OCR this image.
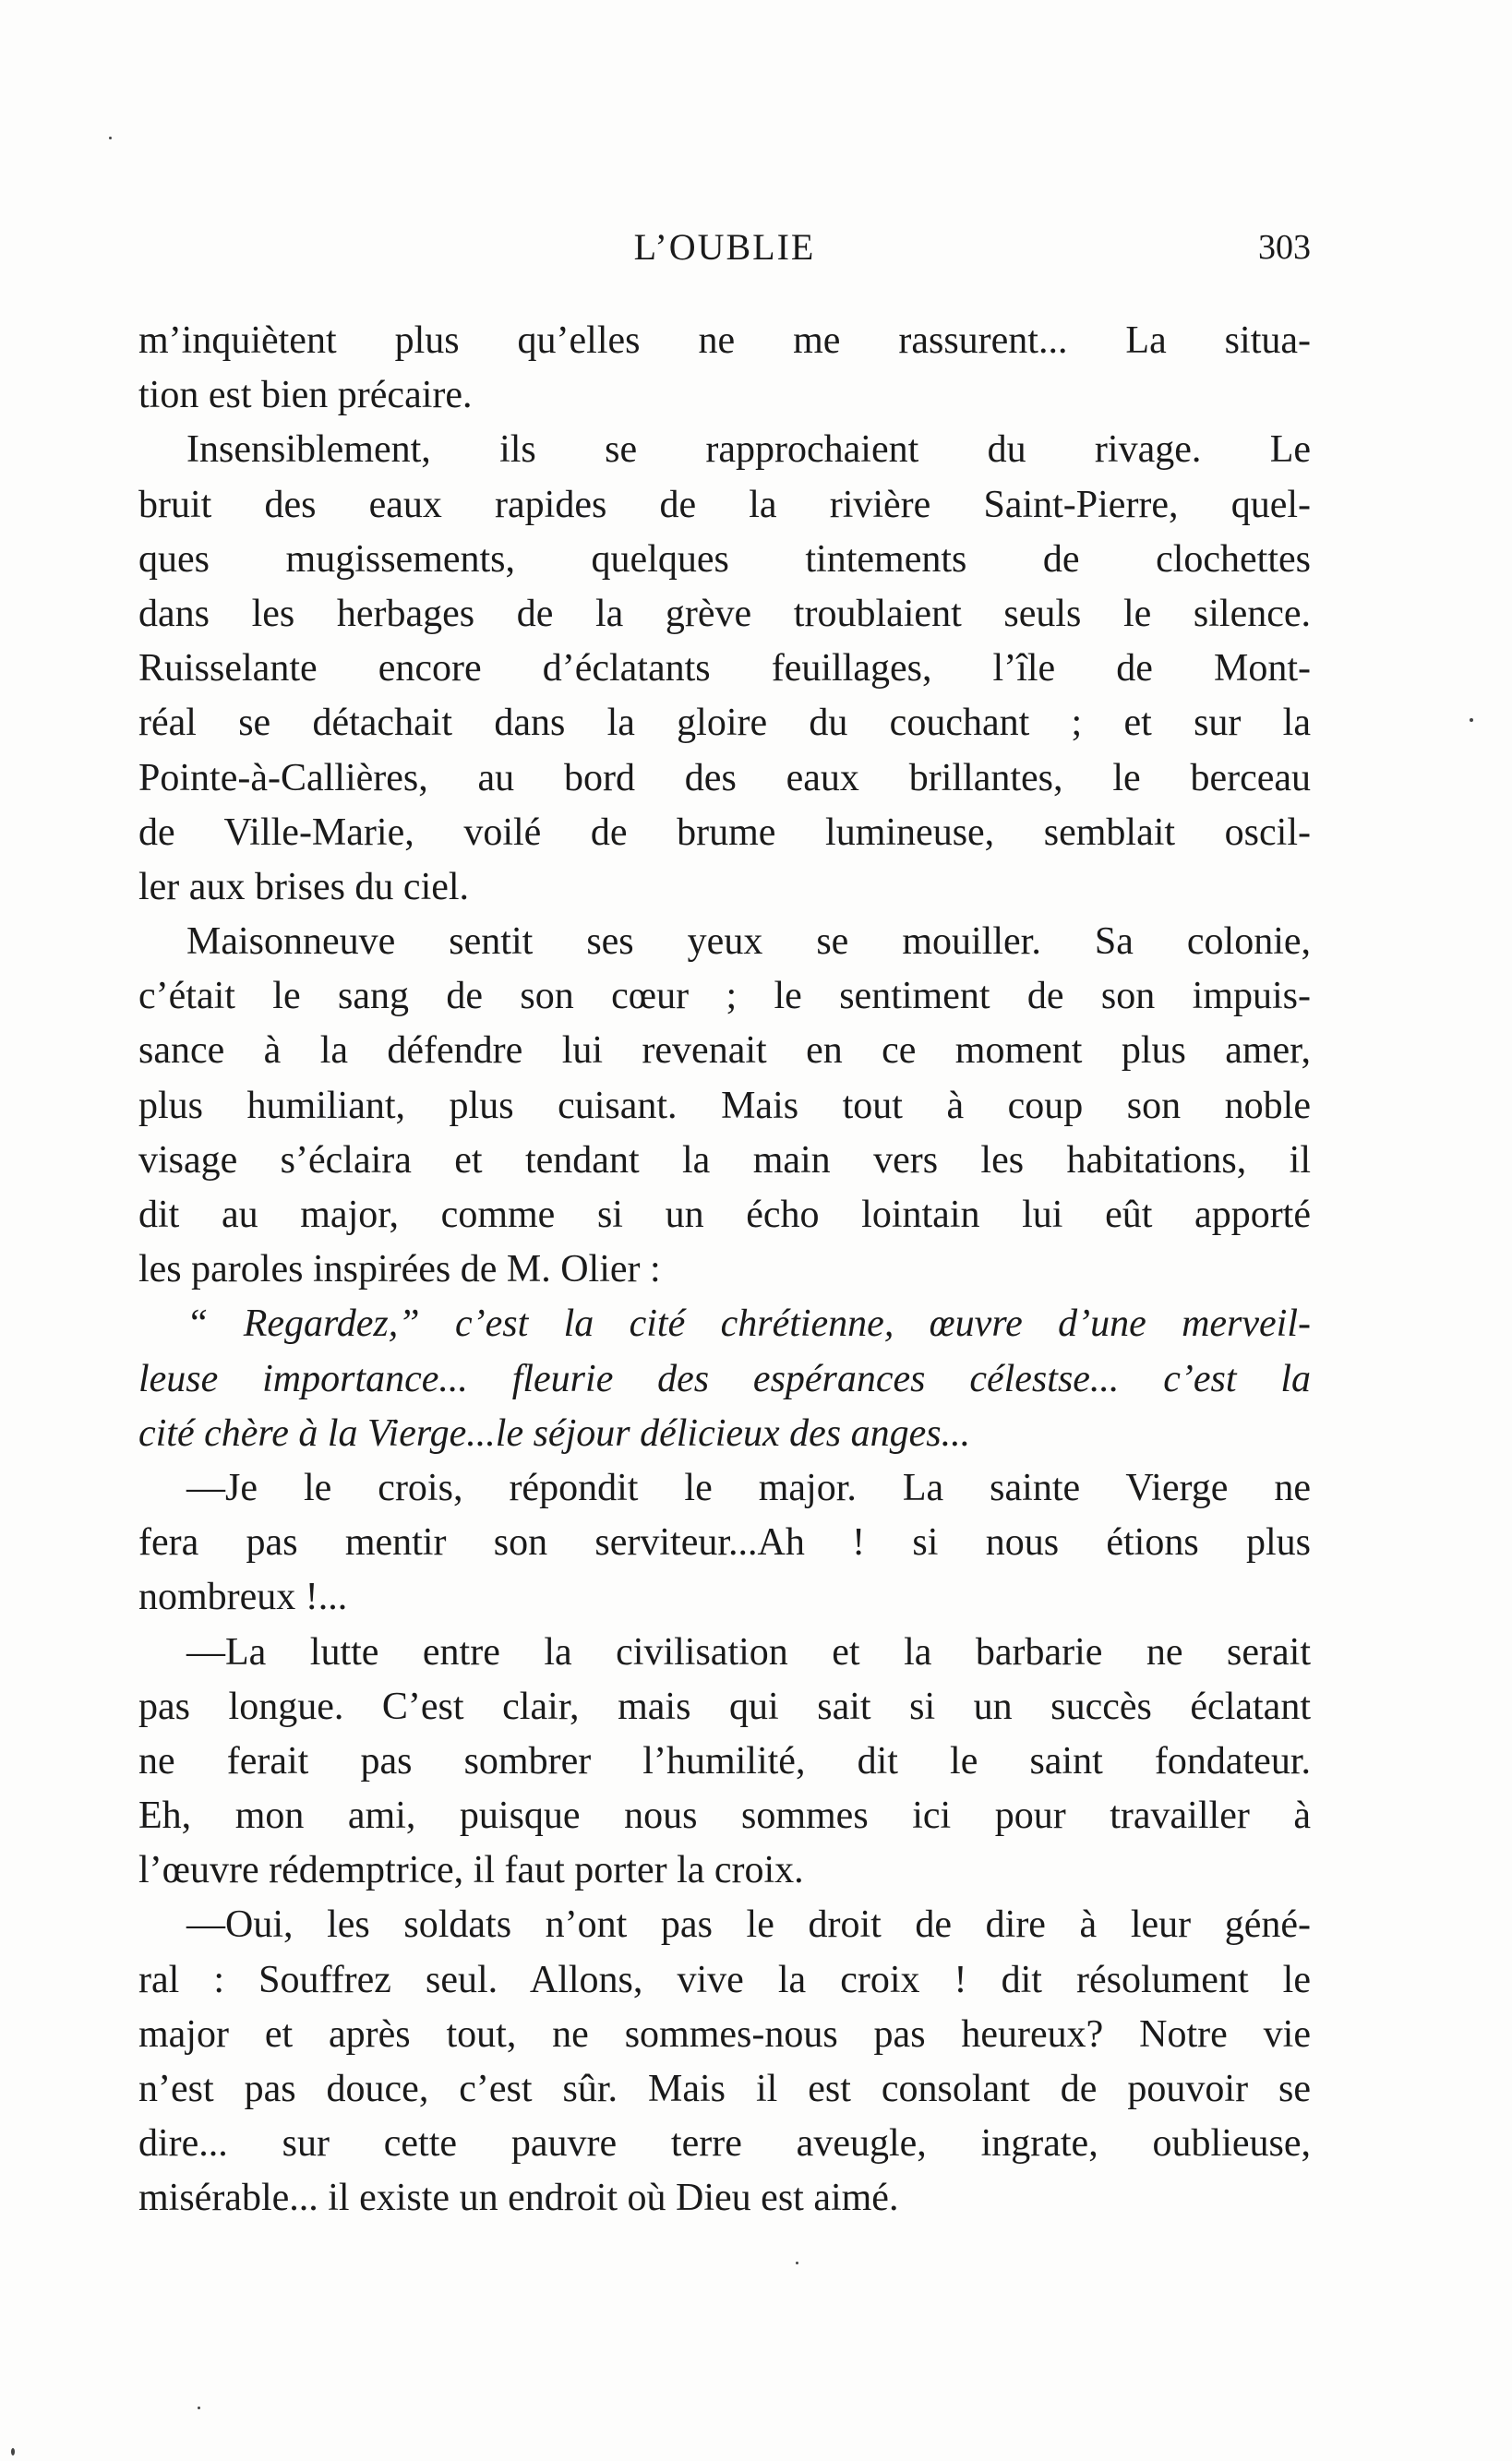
L’OUBLIE	303
m’inquiètent plus qu’elles ne me rassurent... La situa-
tion est bien précaire.
Insensiblement, ils se rapprochaient du rivage. Le
bruit des eaux rapides de la rivière Saint-Pierre, quel-
ques mugissements, quelques tintements de clochettes
dans les herbages de la grève troublaient seuls le silence.
Ruisselante encore d’éclatants feuillages, l’île de Mont-
réal se détachait dans la gloire du couchant ; et sur la
Pointe-à-Callières, au bord des eaux brillantes, le berceau
de Ville-Marie, voilé de brume lumineuse, semblait oscil-
ler aux brises du ciel.
Maisonneuve sentit ses yeux se mouiller. Sa colonie,
c’était le sang de son cœur ; le sentiment de son impuis-
sance à la défendre lui revenait en ce moment plus amer,
plus humiliant, plus cuisant. Mais tout à coup son noble
visage s’éclaira et tendant la main vers les habitations, il
dit au major, comme si un écho lointain lui eût apporté
les paroles inspirées de M. Olier :
“ Regardez,” c’est la cité chrétienne, œuvre d’une merveil-
leuse importance... fleurie des espérances célestse... c’est la
cité chère à la Vierge...le séjour délicieux des anges...
—Je le crois, répondit le major. La sainte Vierge ne
fera pas mentir son serviteur...Ah ! si nous étions plus
nombreux !...
—La lutte entre la civilisation et la barbarie ne serait
pas longue. C’est clair, mais qui sait si un succès éclatant
ne ferait pas sombrer l’humilité, dit le saint fondateur.
Eh, mon ami, puisque nous sommes ici pour travailler à
l’œuvre rédemptrice, il faut porter la croix.
—Oui, les soldats n’ont pas le droit de dire à leur géné-
ral : Souffrez seul. Allons, vive la croix ! dit résolument le
major et après tout, ne sommes-nous pas heureux? Notre vie
n’est pas douce, c’est sûr. Mais il est consolant de pouvoir se
dire... sur cette pauvre terre aveugle, ingrate, oublieuse,
misérable... il existe un endroit où Dieu est aimé.
